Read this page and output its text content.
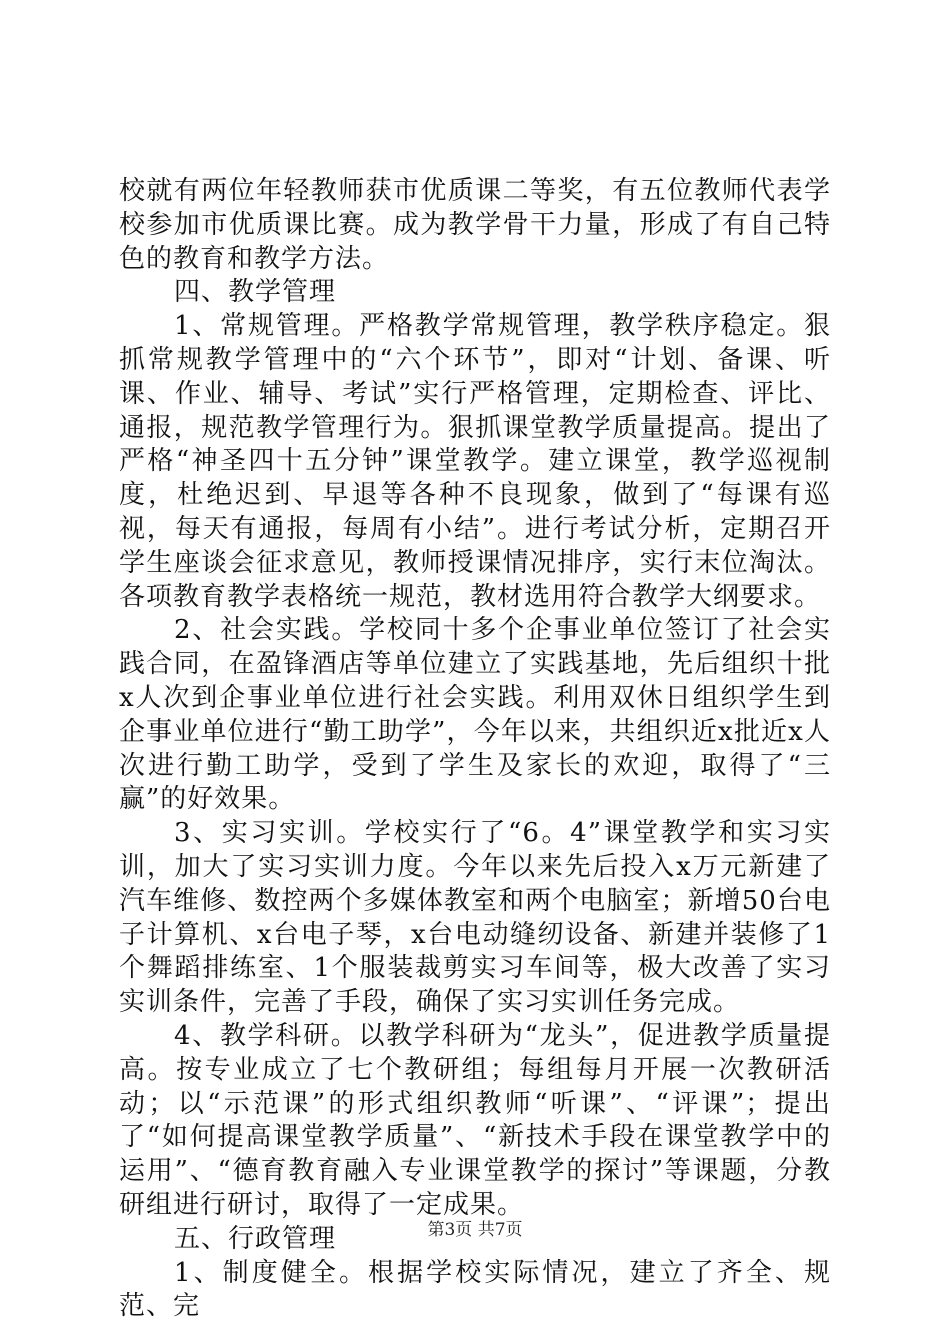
校就有两位年轻教师获市优质课二等奖，有五位教师代表学校参加市优质课比赛。成为教学骨干力量，形成了有自己特色的教育和教学方法。

四、教学管理

1、常规管理。严格教学常规管理，教学秩序稳定。狠抓常规教学管理中的“六个环节”，即对“计划、备课、听课、作业、辅导、考试”实行严格管理，定期检查、评比、通报，规范教学管理行为。狠抓课堂教学质量提高。提出了严格“神圣四十五分钟”课堂教学。建立课堂，教学巡视制度，杜绝迟到、早退等各种不良现象，做到了“每课有巡视，每天有通报，每周有小结”。进行考试分析，定期召开学生座谈会征求意见，教师授课情况排序，实行末位淘汰。各项教育教学表格统一规范，教材选用符合教学大纲要求。

2、社会实践。学校同十多个企事业单位签订了社会实践合同，在盈锋酒店等单位建立了实践基地，先后组织十批x人次到企事业单位进行社会实践。利用双休日组织学生到企事业单位进行“勤工助学”，今年以来，共组织近x批近x人次进行勤工助学，受到了学生及家长的欢迎，取得了“三赢”的好效果。

3、实习实训。学校实行了“6。4”课堂教学和实习实训，加大了实习实训力度。今年以来先后投入x万元新建了汽车维修、数控两个多媒体教室和两个电脑室；新增50台电子计算机、x台电子琴，x台电动缝纫设备、新建并装修了1个舞蹈排练室、1个服装裁剪实习车间等，极大改善了实习实训条件，完善了手段，确保了实习实训任务完成。

4、教学科研。以教学科研为“龙头”，促进教学质量提高。按专业成立了七个教研组；每组每月开展一次教研活动；以“示范课”的形式组织教师“听课”、“评课”；提出了“如何提高课堂教学质量”、“新技术手段在课堂教学中的运用”、“德育教育融入专业课堂教学的探讨”等课题，分教研组进行研讨，取得了一定成果。

五、行政管理

1、制度健全。根据学校实际情况，建立了齐全、规范、完

第3页 共7页
